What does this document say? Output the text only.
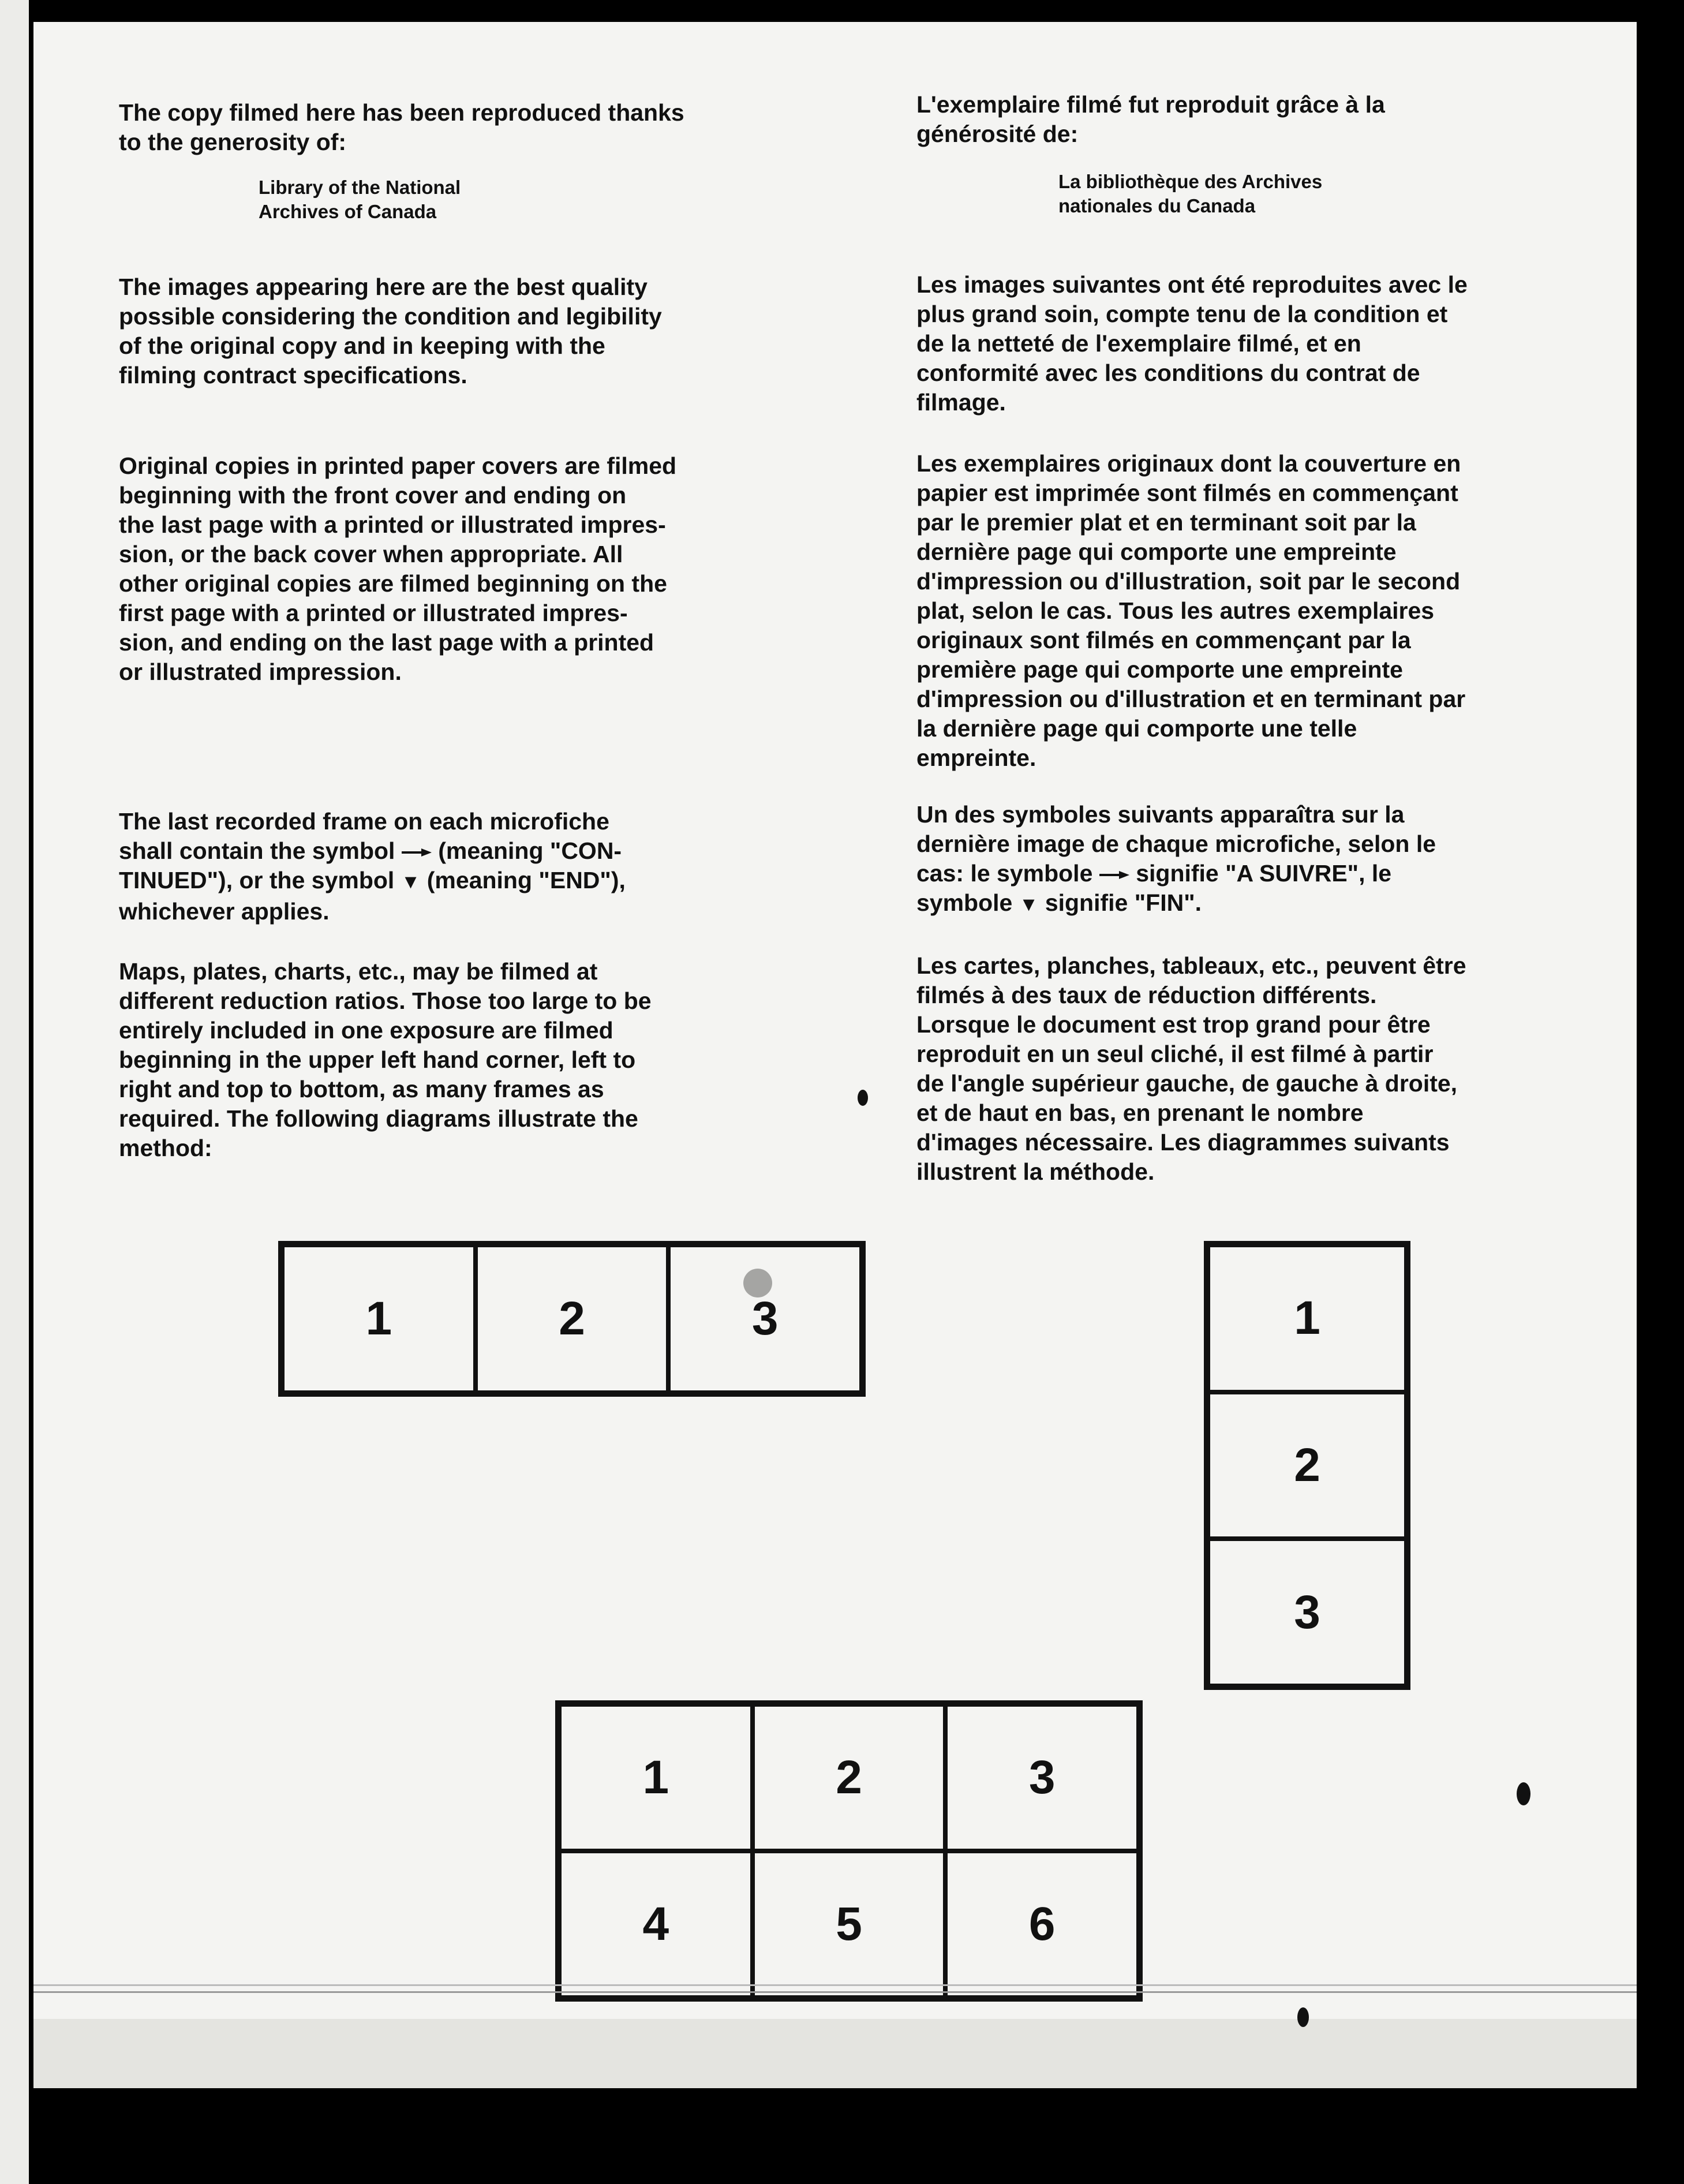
The copy filmed here has been reproduced thanks
to the generosity of:

Library of the National
Archives of Canada

The images appearing here are the best quality
possible considering the condition and legibility
of the original copy and in keeping with the
filming contract specifications.

Original copies in printed paper covers are filmed
beginning with the front cover and ending on
the last page with a printed or illustrated impres-
sion, or the back cover when appropriate. All
other original copies are filmed beginning on the
first page with a printed or illustrated impres-
sion, and ending on the last page with a printed
or illustrated impression.

The last recorded frame on each microfiche
shall contain the symbol (meaning "CON-
TINUED"), or the symbol ▼ (meaning "END"),
whichever applies.

Maps, plates, charts, etc., may be filmed at
different reduction ratios. Those too large to be
entirely included in one exposure are filmed
beginning in the upper left hand corner, left to
right and top to bottom, as many frames as
required. The following diagrams illustrate the
method:

L'exemplaire filmé fut reproduit grâce à la
générosité de:

La bibliothèque des Archives
nationales du Canada

Les images suivantes ont été reproduites avec le
plus grand soin, compte tenu de la condition et
de la netteté de l'exemplaire filmé, et en
conformité avec les conditions du contrat de
filmage.

Les exemplaires originaux dont la couverture en
papier est imprimée sont filmés en commençant
par le premier plat et en terminant soit par la
dernière page qui comporte une empreinte
d'impression ou d'illustration, soit par le second
plat, selon le cas. Tous les autres exemplaires
originaux sont filmés en commençant par la
première page qui comporte une empreinte
d'impression ou d'illustration et en terminant par
la dernière page qui comporte une telle
empreinte.

Un des symboles suivants apparaîtra sur la
dernière image de chaque microfiche, selon le
cas: le symbole signifie "A SUIVRE", le
symbole ▼ signifie "FIN".

Les cartes, planches, tableaux, etc., peuvent être
filmés à des taux de réduction différents.
Lorsque le document est trop grand pour être
reproduit en un seul cliché, il est filmé à partir
de l'angle supérieur gauche, de gauche à droite,
et de haut en bas, en prenant le nombre
d'images nécessaire. Les diagrammes suivants
illustrent la méthode.

1	2	3	1
2
3
1	2	3
4	5	6
